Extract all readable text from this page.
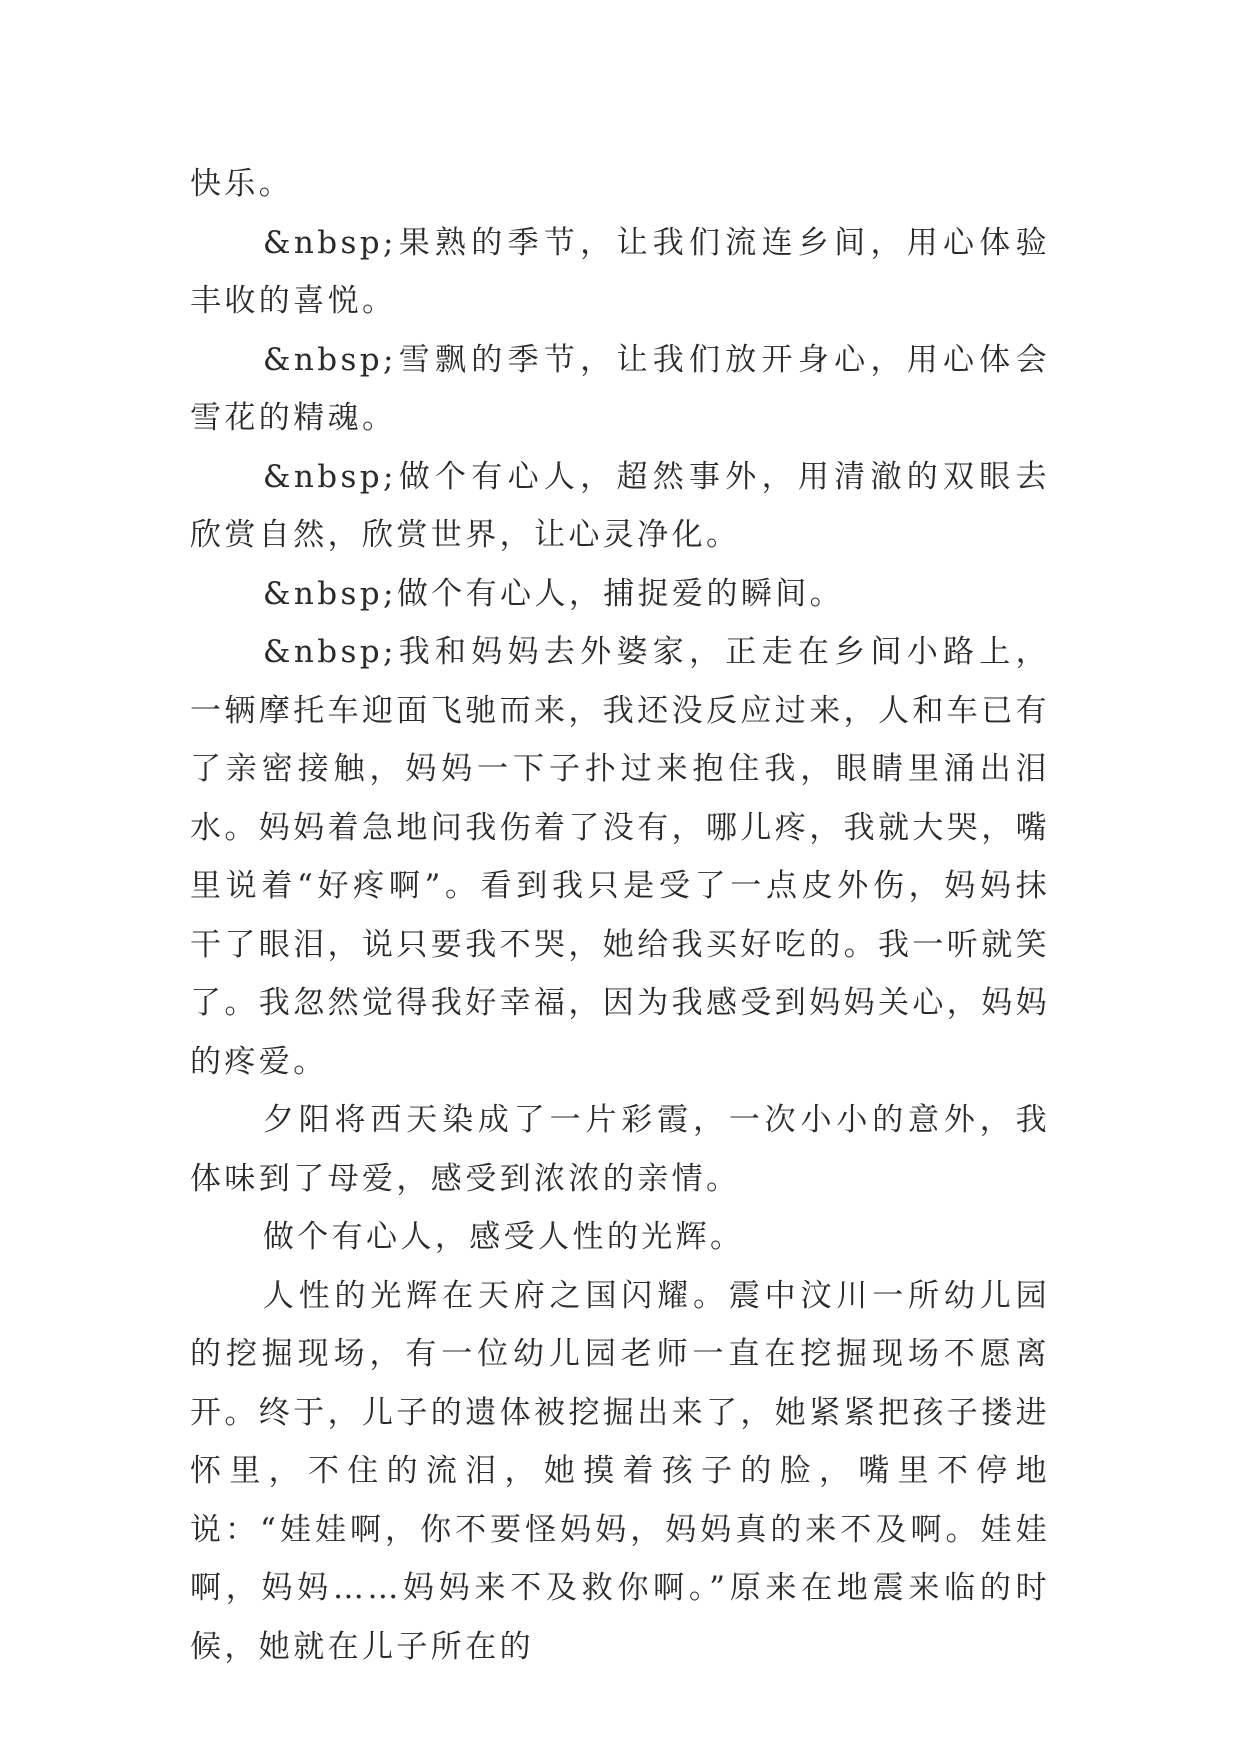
快乐。

&nbsp;果熟的季节，让我们流连乡间，用心体验丰收的喜悦。

&nbsp;雪飘的季节，让我们放开身心，用心体会雪花的精魂。

&nbsp;做个有心人，超然事外，用清澈的双眼去欣赏自然，欣赏世界，让心灵净化。

&nbsp;做个有心人，捕捉爱的瞬间。

&nbsp;我和妈妈去外婆家，正走在乡间小路上，一辆摩托车迎面飞驰而来，我还没反应过来，人和车已有了亲密接触，妈妈一下子扑过来抱住我，眼睛里涌出泪水。妈妈着急地问我伤着了没有，哪儿疼，我就大哭，嘴里说着“好疼啊”。看到我只是受了一点皮外伤，妈妈抹干了眼泪，说只要我不哭，她给我买好吃的。我一听就笑了。我忽然觉得我好幸福，因为我感受到妈妈关心，妈妈的疼爱。

夕阳将西天染成了一片彩霞，一次小小的意外，我体味到了母爱，感受到浓浓的亲情。

做个有心人，感受人性的光辉。

人性的光辉在天府之国闪耀。震中汶川一所幼儿园的挖掘现场，有一位幼儿园老师一直在挖掘现场不愿离开。终于，儿子的遗体被挖掘出来了，她紧紧把孩子搂进怀里，不住的流泪，她摸着孩子的脸，嘴里不停地说：“娃娃啊，你不要怪妈妈，妈妈真的来不及啊。娃娃啊，妈妈……妈妈来不及救你啊。”原来在地震来临的时候，她就在儿子所在的
